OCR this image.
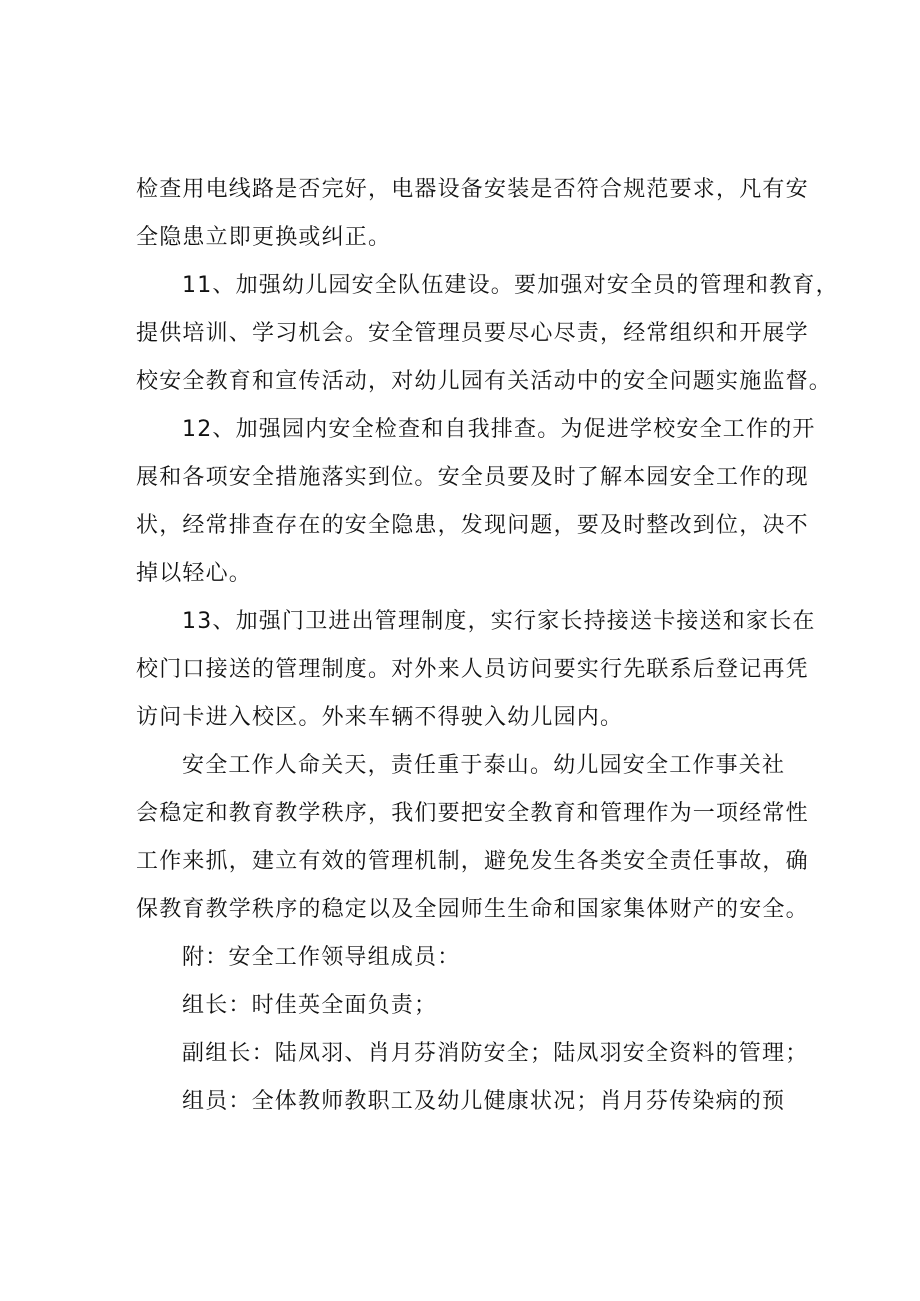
检查用电线路是否完好，电器设备安装是否符合规范要求，凡有安
全隐患立即更换或纠正。
11、加强幼儿园安全队伍建设。要加强对安全员的管理和教育，
提供培训、学习机会。安全管理员要尽心尽责，经常组织和开展学
校安全教育和宣传活动，对幼儿园有关活动中的安全问题实施监督。
12、加强园内安全检查和自我排查。为促进学校安全工作的开
展和各项安全措施落实到位。安全员要及时了解本园安全工作的现
状，经常排查存在的安全隐患，发现问题，要及时整改到位，决不
掉以轻心。
13、加强门卫进出管理制度，实行家长持接送卡接送和家长在
校门口接送的管理制度。对外来人员访问要实行先联系后登记再凭
访问卡进入校区。外来车辆不得驶入幼儿园内。
安全工作人命关天，责任重于泰山。幼儿园安全工作事关社
会稳定和教育教学秩序，我们要把安全教育和管理作为一项经常性
工作来抓，建立有效的管理机制，避免发生各类安全责任事故，确
保教育教学秩序的稳定以及全园师生生命和国家集体财产的安全。
附：安全工作领导组成员：
组长：时佳英全面负责；
副组长：陆凤羽、肖月芬消防安全；陆凤羽安全资料的管理；
组员：全体教师教职工及幼儿健康状况；肖月芬传染病的预
